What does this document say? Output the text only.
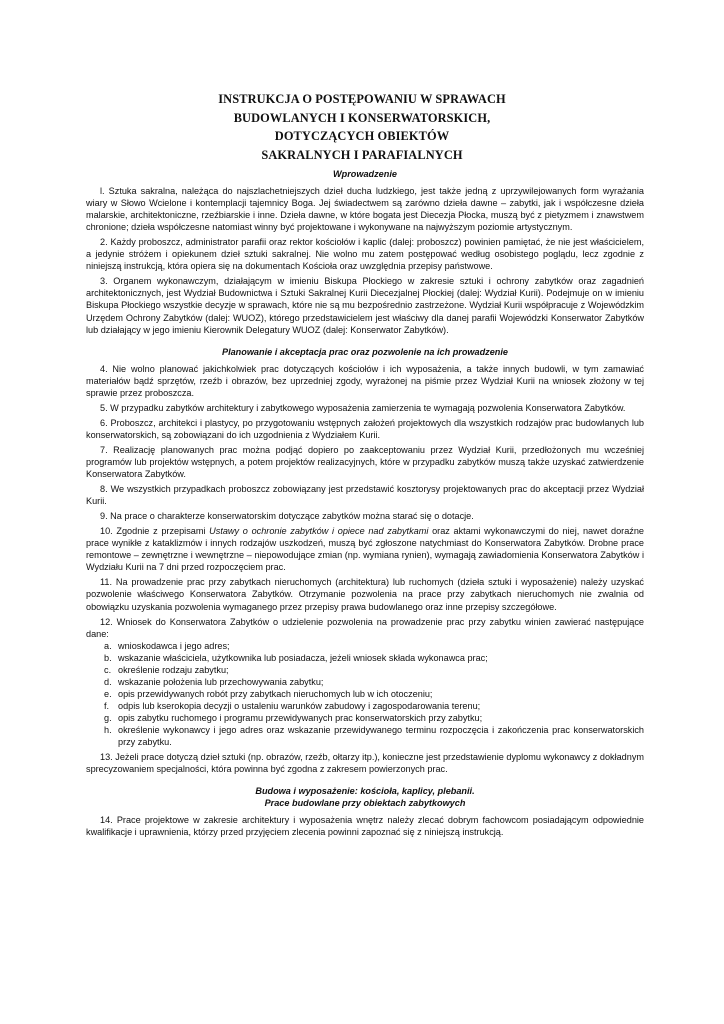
INSTRUKCJA O POSTĘPOWANIU W SPRAWACH
BUDOWLANYCH I KONSERWATORSKICH,
DOTYCZĄCYCH OBIEKTÓW
SAKRALNYCH I PARAFIALNYCH
Wprowadzenie

l. Sztuka sakralna, należąca do najszlachetniejszych dzieł ducha ludzkiego, jest także jedną z uprzywilejowanych form wyrażania wiary w Słowo Wcielone i kontemplacji tajemnicy Boga. Jej świadectwem są zarówno dzieła dawne – zabytki, jak i współczesne dzieła malarskie, architektoniczne, rzeźbiarskie i inne. Dzieła dawne, w które bogata jest Diecezja Płocka, muszą być z pietyzmem i znawstwem chronione; dzieła współczesne natomiast winny być projektowane i wykonywane na najwyższym poziomie artystycznym.

2. Każdy proboszcz, administrator parafii oraz rektor kościołów i kaplic (dalej: proboszcz) powinien pamiętać, że nie jest właścicielem, a jedynie stróżem i opiekunem dzieł sztuki sakralnej. Nie wolno mu zatem postępować według osobistego poglądu, lecz zgodnie z niniejszą instrukcją, która opiera się na dokumentach Kościoła oraz uwzględnia przepisy państwowe.

3. Organem wykonawczym, działającym w imieniu Biskupa Płockiego w zakresie sztuki i ochrony zabytków oraz zagadnień architektonicznych, jest Wydział Budownictwa i Sztuki Sakralnej Kurii Diecezjalnej Płockiej (dalej: Wydział Kurii). Podejmuje on w imieniu Biskupa Płockiego wszystkie decyzje w sprawach, które nie są mu bezpośrednio zastrzeżone. Wydział Kurii współpracuje z Wojewódzkim Urzędem Ochrony Zabytków (dalej: WUOZ), którego przedstawicielem jest właściwy dla danej parafii Wojewódzki Konserwator Zabytków lub działający w jego imieniu Kierownik Delegatury WUOZ (dalej: Konserwator Zabytków).

Planowanie i akceptacja prac oraz pozwolenie na ich prowadzenie

4. Nie wolno planować jakichkolwiek prac dotyczących kościołów i ich wyposażenia, a także innych budowli, w tym zamawiać materiałów bądź sprzętów, rzeźb i obrazów, bez uprzedniej zgody, wyrażonej na piśmie przez Wydział Kurii na wniosek złożony w tej sprawie przez proboszcza.

5. W przypadku zabytków architektury i zabytkowego wyposażenia zamierzenia te wymagają pozwolenia Konserwatora Zabytków.

6. Proboszcz, architekci i plastycy, po przygotowaniu wstępnych założeń projektowych dla wszystkich rodzajów prac budowlanych lub konserwatorskich, są zobowiązani do ich uzgodnienia z Wydziałem Kurii.

7. Realizację planowanych prac można podjąć dopiero po zaakceptowaniu przez Wydział Kurii, przedłożonych mu wcześniej programów lub projektów wstępnych, a potem projektów realizacyjnych, które w przypadku zabytków muszą także uzyskać zatwierdzenie Konserwatora Zabytków.

8. We wszystkich przypadkach proboszcz zobowiązany jest przedstawić kosztorysy projektowanych prac do akceptacji przez Wydział Kurii.

9. Na prace o charakterze konserwatorskim dotyczące zabytków można starać się o dotacje.

10. Zgodnie z przepisami Ustawy o ochronie zabytków i opiece nad zabytkami oraz aktami wykonawczymi do niej, nawet doraźne prace wynikłe z kataklizmów i innych rodzajów uszkodzeń, muszą być zgłoszone natychmiast do Konserwatora Zabytków. Drobne prace remontowe – zewnętrzne i wewnętrzne – niepowodujące zmian (np. wymiana rynien), wymagają zawiadomienia Konserwatora Zabytków i Wydziału Kurii na 7 dni przed rozpoczęciem prac.

11. Na prowadzenie prac przy zabytkach nieruchomych (architektura) lub ruchomych (dzieła sztuki i wyposażenie) należy uzyskać pozwolenie właściwego Konserwatora Zabytków. Otrzymanie pozwolenia na prace przy zabytkach nieruchomych nie zwalnia od obowiązku uzyskania pozwolenia wymaganego przez przepisy prawa budowlanego oraz inne przepisy szczegółowe.

12. Wniosek do Konserwatora Zabytków o udzielenie pozwolenia na prowadzenie prac przy zabytku winien zawierać następujące dane:

a. wnioskodawca i jego adres;
b. wskazanie właściciela, użytkownika lub posiadacza, jeżeli wniosek składa wykonawca prac;
c. określenie rodzaju zabytku;
d. wskazanie położenia lub przechowywania zabytku;
e. opis przewidywanych robót przy zabytkach nieruchomych lub w ich otoczeniu;
f. odpis lub kserokopia decyzji o ustaleniu warunków zabudowy i zagospodarowania terenu;
g. opis zabytku ruchomego i programu przewidywanych prac konserwatorskich przy zabytku;
h. określenie wykonawcy i jego adres oraz wskazanie przewidywanego terminu rozpoczęcia i zakończenia prac konserwatorskich przy zabytku.

13. Jeżeli prace dotyczą dzieł sztuki (np. obrazów, rzeźb, ołtarzy itp.), konieczne jest przedstawienie dyplomu wykonawcy z dokładnym sprecyzowaniem specjalności, która powinna być zgodna z zakresem powierzonych prac.

Budowa i wyposażenie: kościoła, kaplicy, plebanii.
Prace budowlane przy obiektach zabytkowych

14. Prace projektowe w zakresie architektury i wyposażenia wnętrz należy zlecać dobrym fachowcom posiadającym odpowiednie kwalifikacje i uprawnienia, którzy przed przyjęciem zlecenia powinni zapoznać się z niniejszą instrukcją.
